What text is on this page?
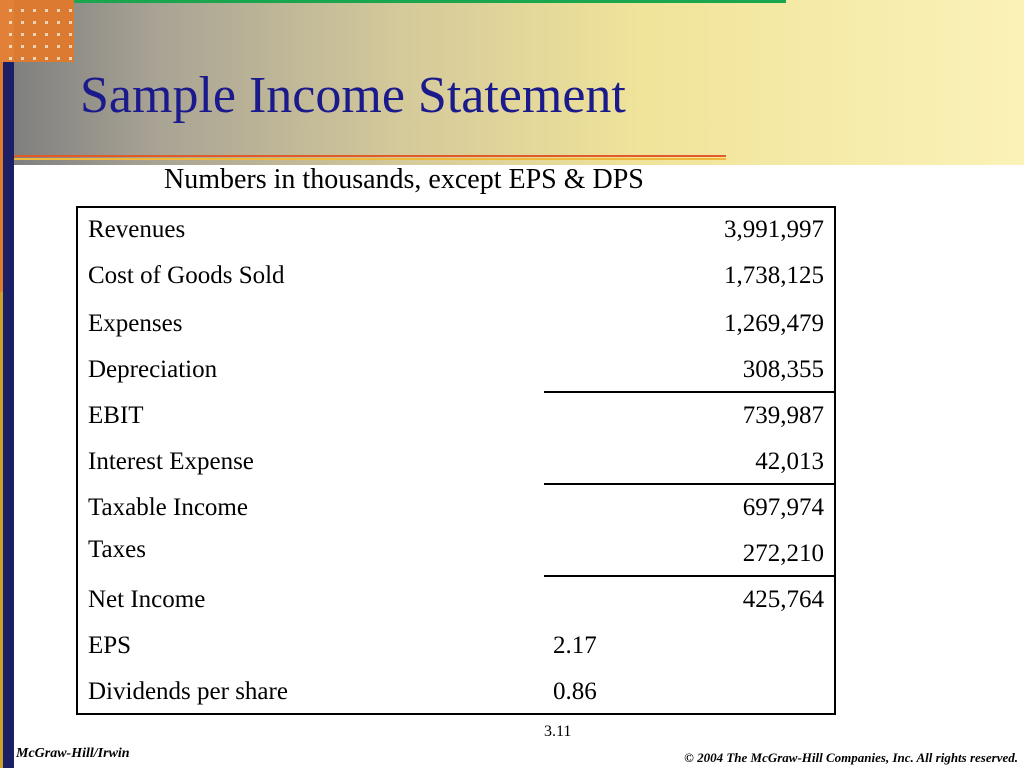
Sample Income Statement
Numbers in thousands, except EPS & DPS
Revenues	3,991,997
Cost of Goods Sold	1,738,125
Expenses	1,269,479
Depreciation	308,355
EBIT	739,987
Interest Expense	42,013
Taxable Income	697,974
Taxes	272,210
Net Income	425,764
EPS	2.17
Dividends per share	0.86
3.11
McGraw-Hill/Irwin	© 2004 The McGraw-Hill Companies, Inc. All rights reserved.
